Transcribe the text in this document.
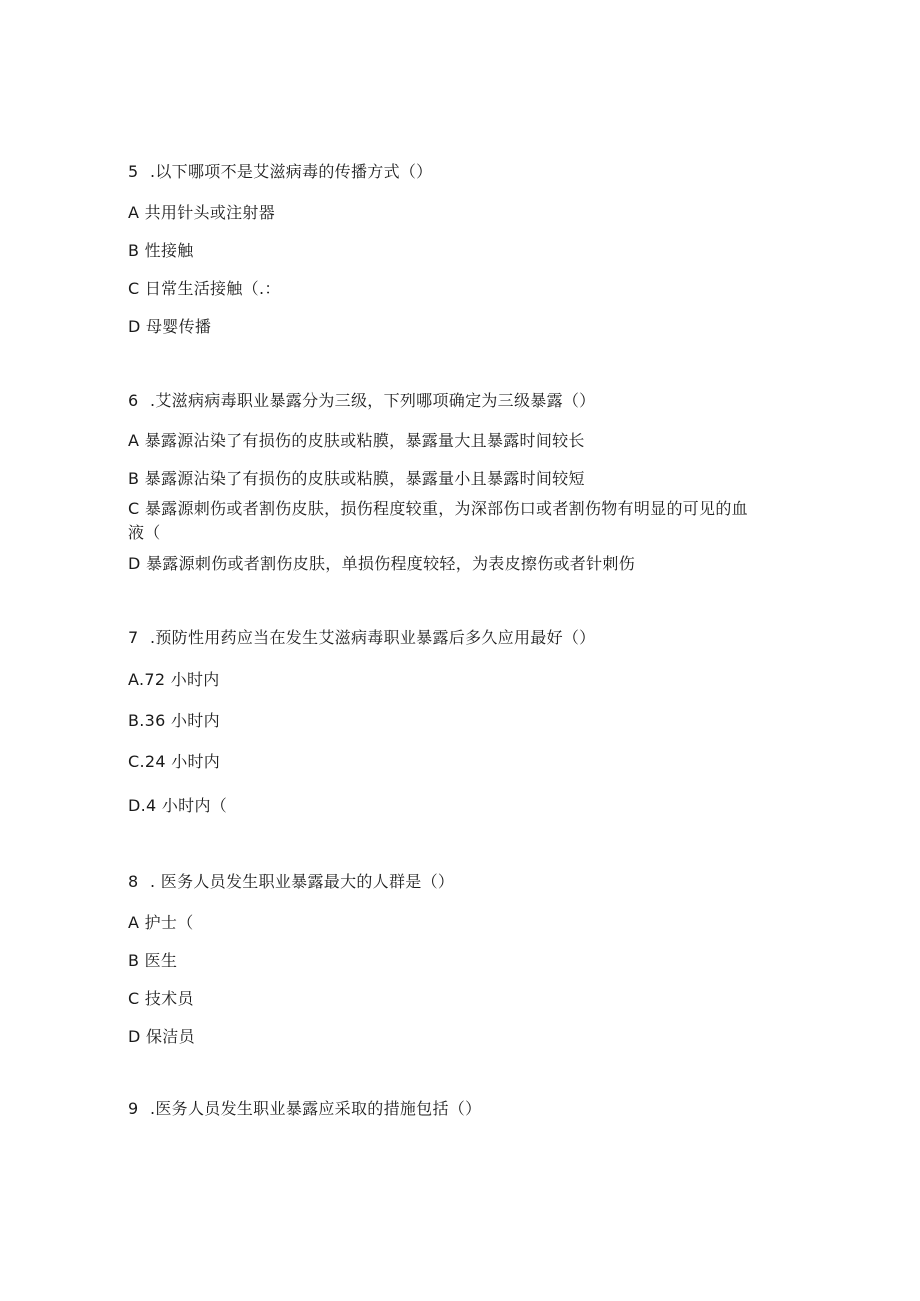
5 .以下哪项不是艾滋病毒的传播方式（）
A 共用针头或注射器
B 性接触
C 日常生活接触（.：
D 母婴传播
6 .艾滋病病毒职业暴露分为三级，下列哪项确定为三级暴露（）
A 暴露源沾染了有损伤的皮肤或粘膜，暴露量大且暴露时间较长
B 暴露源沾染了有损伤的皮肤或粘膜，暴露量小且暴露时间较短
C 暴露源刺伤或者割伤皮肤，损伤程度较重，为深部伤口或者割伤物有明显的可见的血
液（
D 暴露源刺伤或者割伤皮肤，单损伤程度较轻，为表皮擦伤或者针刺伤
7 .预防性用药应当在发生艾滋病毒职业暴露后多久应用最好（）
A.72 小时内
B.36 小时内
C.24 小时内
D.4 小时内（
8 . 医务人员发生职业暴露最大的人群是（）
A 护士（
B 医生
C 技术员
D 保洁员
9 .医务人员发生职业暴露应采取的措施包括（）
